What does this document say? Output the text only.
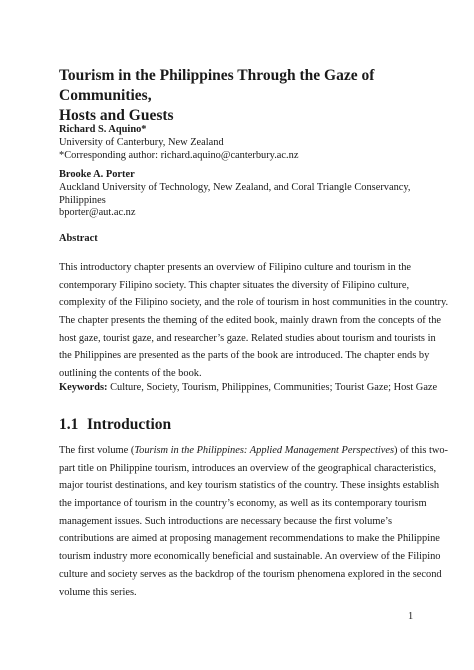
Tourism in the Philippines Through the Gaze of Communities,
Hosts and Guests
Richard S. Aquino*
University of Canterbury, New Zealand
*Corresponding author: richard.aquino@canterbury.ac.nz
Brooke A. Porter
Auckland University of Technology, New Zealand, and Coral Triangle Conservancy,
Philippines
bporter@aut.ac.nz
Abstract
This introductory chapter presents an overview of Filipino culture and tourism in the
contemporary Filipino society. This chapter situates the diversity of Filipino culture,
complexity of the Filipino society, and the role of tourism in host communities in the country.
The chapter presents the theming of the edited book, mainly drawn from the concepts of the
host gaze, tourist gaze, and researcher’s gaze. Related studies about tourism and tourists in
the Philippines are presented as the parts of the book are introduced. The chapter ends by
outlining the contents of the book.
Keywords: Culture, Society, Tourism, Philippines, Communities; Tourist Gaze; Host Gaze
1.1 Introduction
The first volume (Tourism in the Philippines: Applied Management Perspectives) of this two-
part title on Philippine tourism, introduces an overview of the geographical characteristics,
major tourist destinations, and key tourism statistics of the country. These insights establish
the importance of tourism in the country’s economy, as well as its contemporary tourism
management issues. Such introductions are necessary because the first volume’s
contributions are aimed at proposing management recommendations to make the Philippine
tourism industry more economically beneficial and sustainable. An overview of the Filipino
culture and society serves as the backdrop of the tourism phenomena explored in the second
volume this series.
1
